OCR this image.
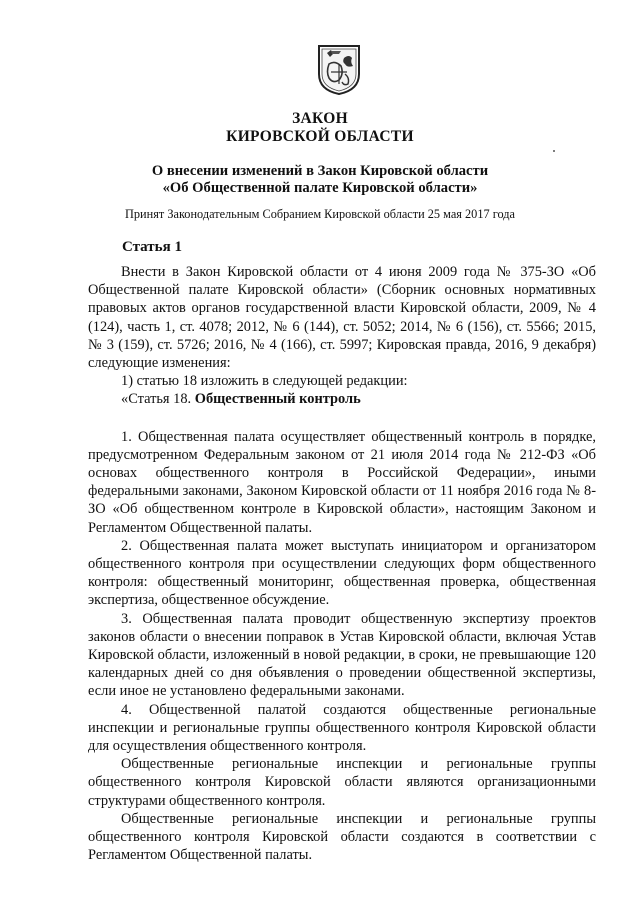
ЗАКОН
КИРОВСКОЙ ОБЛАСТИ
О внесении изменений в Закон Кировской области
«Об Общественной палате Кировской области»
Принят Законодательным Собранием Кировской области 25 мая 2017 года
Статья 1

Внести в Закон Кировской области от 4 июня 2009 года № 375-ЗО «Об Общественной палате Кировской области» (Сборник основных нормативных правовых актов органов государственной власти Кировской области, 2009, № 4 (124), часть 1, ст. 4078; 2012, № 6 (144), ст. 5052; 2014, № 6 (156), ст. 5566; 2015, № 3 (159), ст. 5726; 2016, № 4 (166), ст. 5997; Кировская правда, 2016, 9 декабря) следующие изменения:

1) статью 18 изложить в следующей редакции:

«Статья 18. Общественный контроль

1. Общественная палата осуществляет общественный контроль в порядке, предусмотренном Федеральным законом от 21 июля 2014 года № 212-ФЗ «Об основах общественного контроля в Российской Федерации», иными федеральными законами, Законом Кировской области от 11 ноября 2016 года № 8-ЗО «Об общественном контроле в Кировской области», настоящим Законом и Регламентом Общественной палаты.

2. Общественная палата может выступать инициатором и организатором общественного контроля при осуществлении следующих форм общественного контроля: общественный мониторинг, общественная проверка, общественная экспертиза, общественное обсуждение.

3. Общественная палата проводит общественную экспертизу проектов законов области о внесении поправок в Устав Кировской области, включая Устав Кировской области, изложенный в новой редакции, в сроки, не превышающие 120 календарных дней со дня объявления о проведении общественной экспертизы, если иное не установлено федеральными законами.

4. Общественной палатой создаются общественные региональные инспекции и региональные группы общественного контроля Кировской области для осуществления общественного контроля.

Общественные региональные инспекции и региональные группы общественного контроля Кировской области являются организационными структурами общественного контроля.

Общественные региональные инспекции и региональные группы общественного контроля Кировской области создаются в соответствии с Регламентом Общественной палаты.
